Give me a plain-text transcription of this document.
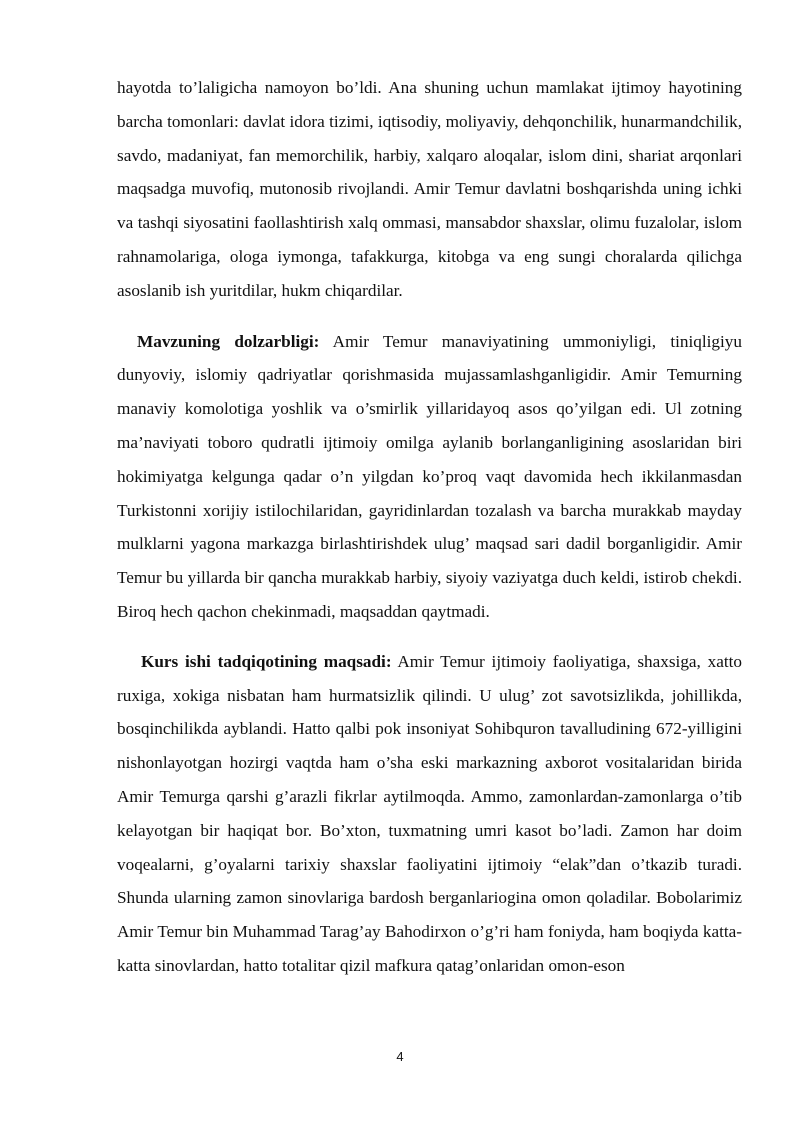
hayotda to’laligicha namoyon bo’ldi. Ana shuning uchun mamlakat ijtimoy hayotining barcha tomonlari: davlat idora tizimi, iqtisodiy, moliyaviy, dehqonchilik, hunarmandchilik, savdo, madaniyat, fan memorchilik, harbiy, xalqaro aloqalar, islom dini, shariat arqonlari maqsadga muvofiq, mutonosib rivojlandi. Amir Temur davlatni boshqarishda uning ichki va tashqi siyosatini faollashtirish xalq ommasi, mansabdor shaxslar, olimu fuzalolar, islom rahnamolariga, ologa iymonga, tafakkurga, kitobga va eng sungi choralarda qilichga asoslanib ish yuritdilar, hukm chiqardilar.

Mavzuning dolzarbligi: Amir Temur manaviyatining ummoniyligi, tiniqligiyu dunyoviy, islomiy qadriyatlar qorishmasida mujassamlashganligidir. Amir Temurning manaviy komolotiga yoshlik va o’smirlik yillaridayoq asos qo’yilgan edi. Ul zotning ma’naviyati toboro qudratli ijtimoiy omilga aylanib borlanganligining asoslaridan biri hokimiyatga kelgunga qadar o’n yilgdan ko’proq vaqt davomida hech ikkilanmasdan Turkistonni xorijiy istilochilaridan, gayridinlardan tozalash va barcha murakkab mayday mulklarni yagona markazga birlashtirishdek ulug’ maqsad sari dadil borganligidir. Amir Temur bu yillarda bir qancha murakkab harbiy, siyoiy vaziyatga duch keldi, istirob chekdi. Biroq hech qachon chekinmadi, maqsaddan qaytmadi.

Kurs ishi tadqiqotining maqsadi: Amir Temur ijtimoiy faoliyatiga, shaxsiga, xatto ruxiga, xokiga nisbatan ham hurmatsizlik qilindi. U ulug’ zot savotsizlikda, johillikda, bosqinchilikda ayblandi. Hatto qalbi pok insoniyat Sohibquron tavalludining 672-yilligini nishonlayotgan hozirgi vaqtda ham o’sha eski markazning axborot vositalaridan birida Amir Temurga qarshi g’arazli fikrlar aytilmoqda. Ammo, zamonlardan-zamonlarga o’tib kelayotgan bir haqiqat bor. Bo’xton, tuxmatning umri kasot bo’ladi. Zamon har doim voqealarni, g’oyalarni tarixiy shaxslar faoliyatini ijtimoiy “elak”dan o’tkazib turadi. Shunda ularning zamon sinovlariga bardosh berganlariogina omon qoladilar. Bobolarimiz Amir Temur bin Muhammad Tarag’ay Bahodirxon o’g’ri ham foniyda, ham boqiyda katta-katta sinovlardan, hatto totalitar qizil mafkura qatag’onlaridan omon-eson

4
